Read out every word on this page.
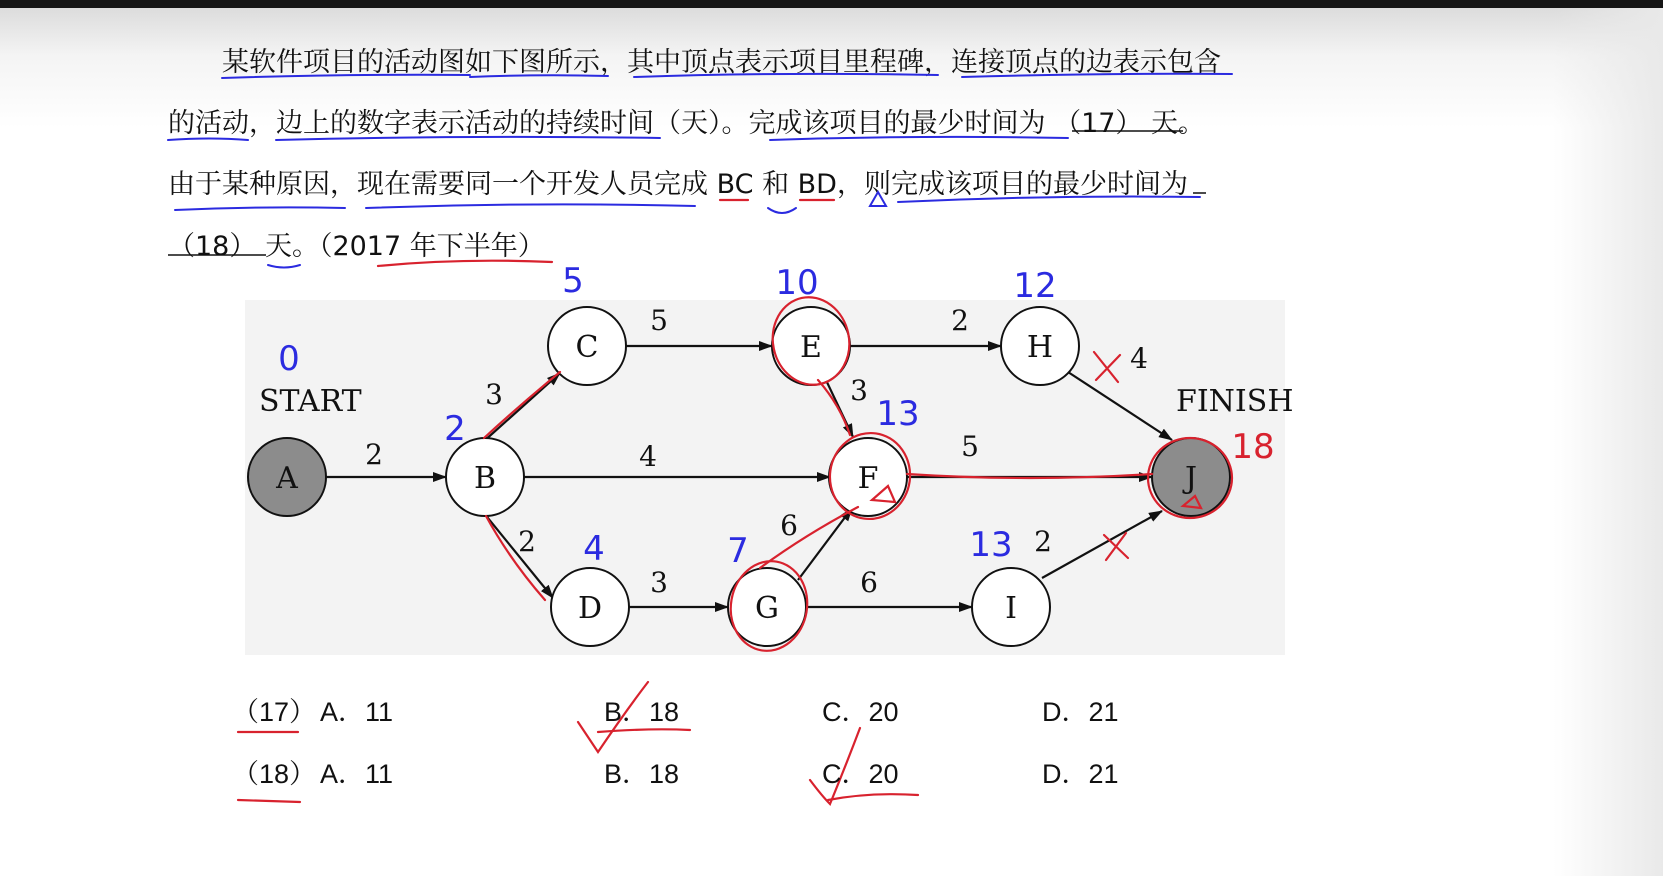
某软件项目的活动图如下图所示，其中顶点表示项目里程碑，连接顶点的边表示包含
的活动，边上的数字表示活动的持续时间（天）。完成该项目的最少时间为 （17） 天。
由于某种原因，现在需要同一个开发人员完成 BC 和 BD，则完成该项目的最少时间为
（18） 天。（2017 年下半年）
A	B
C
D
E
F
G
H
I
J
START	FINISH
2
3
4
2
5	2
3
3
6
6
4
5
2
0
2
5
4
10
7
12
13
13
18
（17） A．11	B．18	C．20	D．21
（18） A．11	B．18	C．20	D．21
